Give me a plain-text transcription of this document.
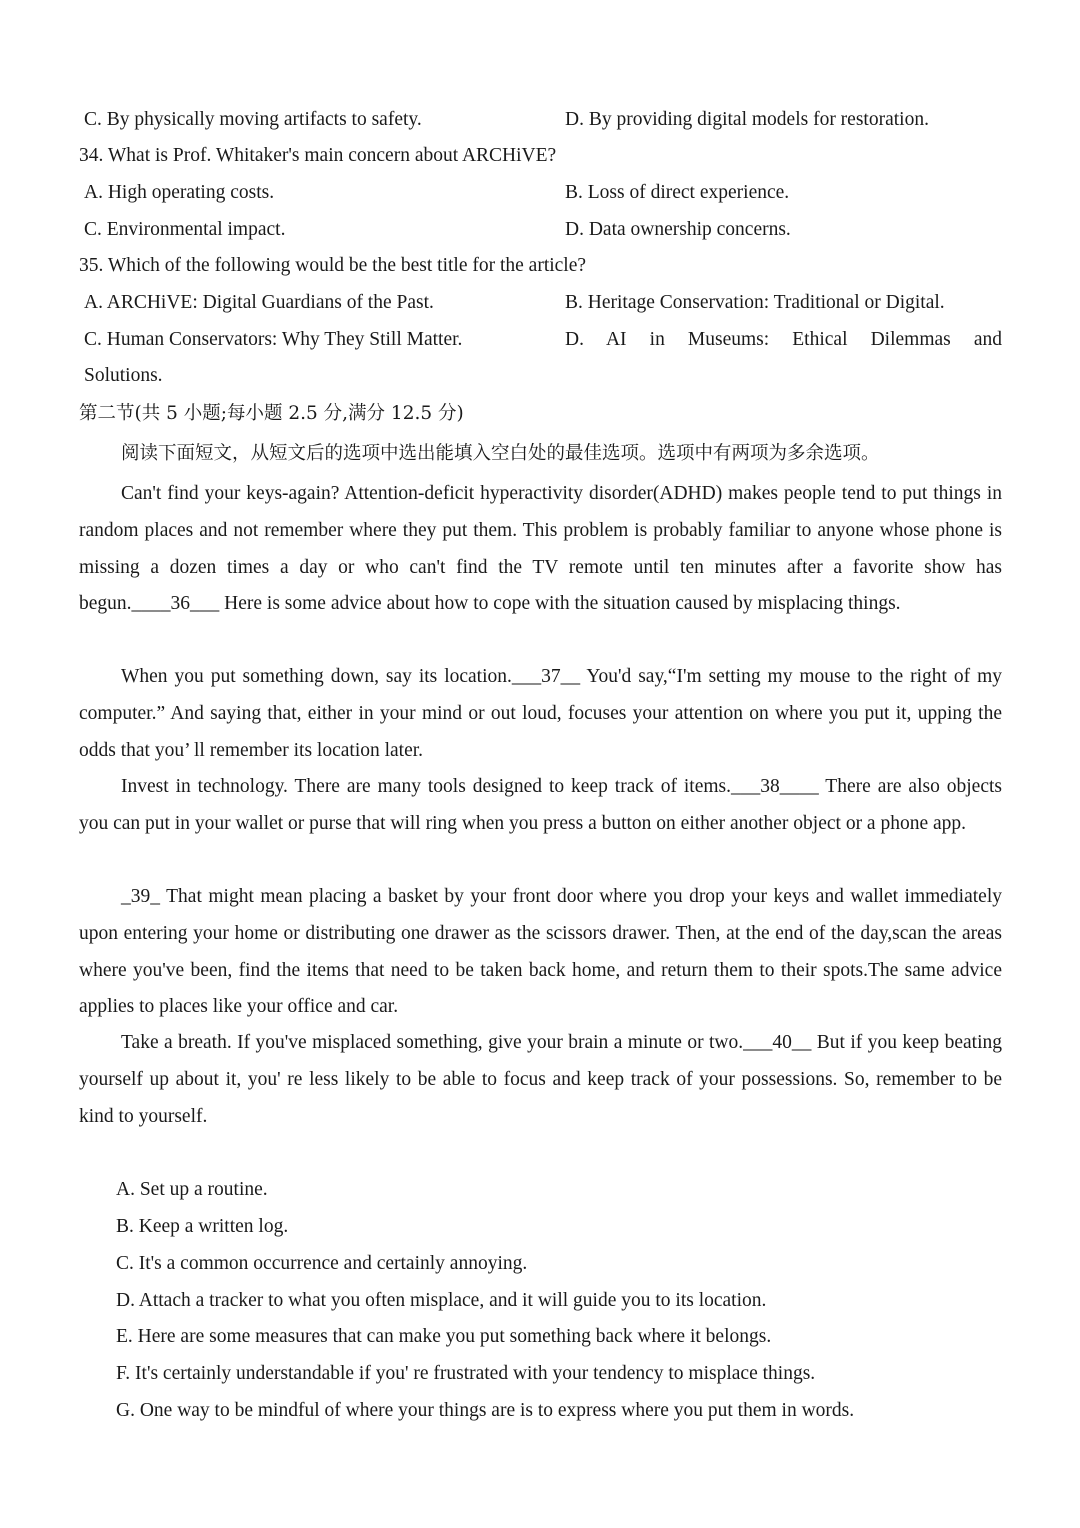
C. By physically moving artifacts to safety.	D. By providing digital models for restoration.
34. What is Prof. Whitaker's main concern about ARCHiVE?
A. High operating costs.	B. Loss of direct experience.
C. Environmental impact.	D. Data ownership concerns.
35. Which of the following would be the best title for the article?
A. ARCHiVE: Digital Guardians of the Past.	B. Heritage Conservation: Traditional or Digital.
C. Human Conservators: Why They Still Matter.	D. AI in Museums: Ethical Dilemmas and
Solutions.
第二节(共 5 小题;每小题 2.5 分,满分 12.5 分)
阅读下面短文，从短文后的选项中选出能填入空白处的最佳选项。选项中有两项为多余选项。

Can't find your keys-again? Attention-deficit hyperactivity disorder(ADHD) makes people tend to put things in random places and not remember where they put them. This problem is probably familiar to anyone whose phone is missing a dozen times a day or who can't find the TV remote until ten minutes after a favorite show has begun.____36___ Here is some advice about how to cope with the situation caused by misplacing things.

When you put something down, say its location.___37__ You'd say,“I'm setting my mouse to the right of my computer.” And saying that, either in your mind or out loud, focuses your attention on where you put it, upping the odds that you’ ll remember its location later.

Invest in technology. There are many tools designed to keep track of items.___38____ There are also objects you can put in your wallet or purse that will ring when you press a button on either another object or a phone app.

_39_ That might mean placing a basket by your front door where you drop your keys and wallet immediately upon entering your home or distributing one drawer as the scissors drawer. Then, at the end of the day,scan the areas where you've been, find the items that need to be taken back home, and return them to their spots.The same advice applies to places like your office and car.

Take a breath. If you've misplaced something, give your brain a minute or two.___40__ But if you keep beating yourself up about it, you' re less likely to be able to focus and keep track of your possessions. So, remember to be kind to yourself.

A. Set up a routine.
B. Keep a written log.
C. It's a common occurrence and certainly annoying.
D. Attach a tracker to what you often misplace, and it will guide you to its location.
E. Here are some measures that can make you put something back where it belongs.
F. It's certainly understandable if you' re frustrated with your tendency to misplace things.
G. One way to be mindful of where your things are is to express where you put them in words.
